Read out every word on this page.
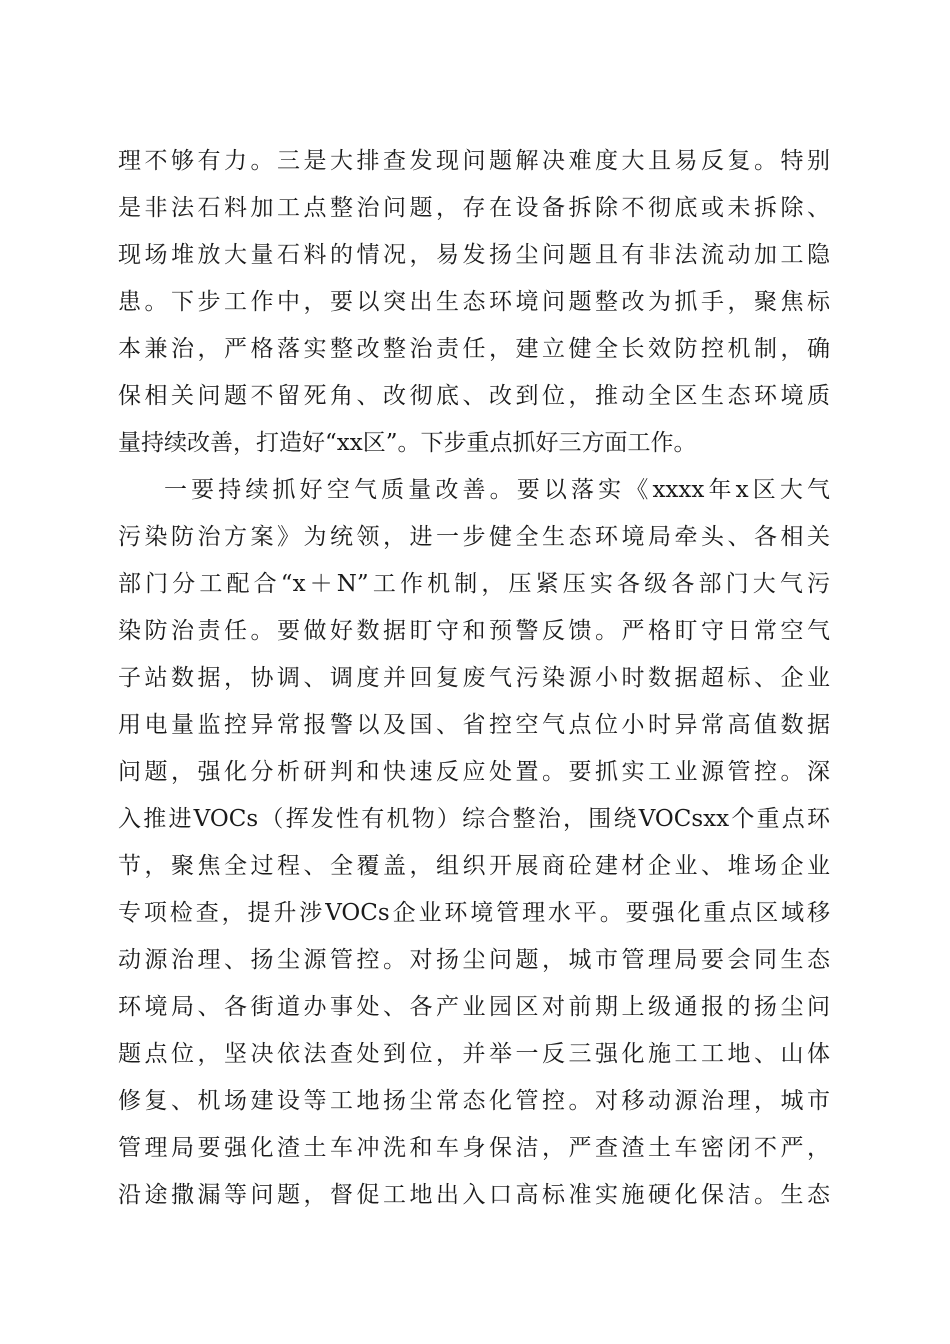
理不够有力。三是大排查发现问题解决难度大且易反复。特别
是非法石料加工点整治问题，存在设备拆除不彻底或未拆除、
现场堆放大量石料的情况，易发扬尘问题且有非法流动加工隐
患。下步工作中，要以突出生态环境问题整改为抓手，聚焦标
本兼治，严格落实整改整治责任，建立健全长效防控机制，确
保相关问题不留死角、改彻底、改到位，推动全区生态环境质
量持续改善，打造好“xx区”。下步重点抓好三方面工作。
一要持续抓好空气质量改善。要以落实《xxxx年x区大气
污染防治方案》为统领，进一步健全生态环境局牵头、各相关
部门分工配合“x＋N”工作机制，压紧压实各级各部门大气污
染防治责任。要做好数据盯守和预警反馈。严格盯守日常空气
子站数据，协调、调度并回复废气污染源小时数据超标、企业
用电量监控异常报警以及国、省控空气点位小时异常高值数据
问题，强化分析研判和快速反应处置。要抓实工业源管控。深
入推进VOCs（挥发性有机物）综合整治，围绕VOCsxx个重点环
节，聚焦全过程、全覆盖，组织开展商砼建材企业、堆场企业
专项检查，提升涉VOCs企业环境管理水平。要强化重点区域移
动源治理、扬尘源管控。对扬尘问题，城市管理局要会同生态
环境局、各街道办事处、各产业园区对前期上级通报的扬尘问
题点位，坚决依法查处到位，并举一反三强化施工工地、山体
修复、机场建设等工地扬尘常态化管控。对移动源治理，城市
管理局要强化渣土车冲洗和车身保洁，严查渣土车密闭不严，
沿途撒漏等问题，督促工地出入口高标准实施硬化保洁。生态
